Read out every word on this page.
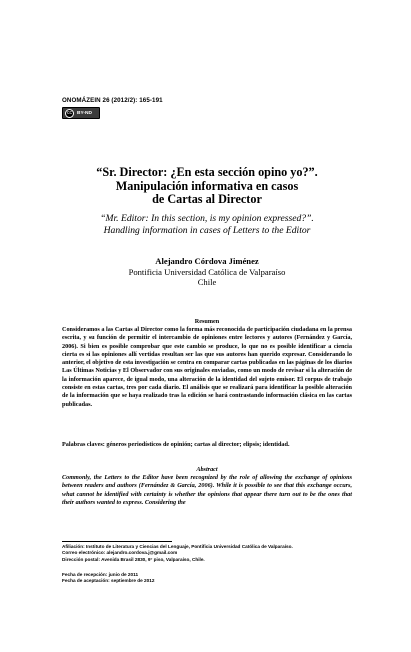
ONOMÁZEIN 26 (2012/2): 165-191
cc	BY-ND
“Sr. Director: ¿En esta sección opino yo?”.
Manipulación informativa en casos
de Cartas al Director
“Mr. Editor: In this section, is my opinion expressed?”.
Handling information in cases of Letters to the Editor
Alejandro Córdova Jiménez
Pontificia Universidad Católica de Valparaíso
Chile
Resumen
Consideramos a las Cartas al Director como la forma más reconocida de participación ciudadana en la prensa escrita, y su función de permitir el intercambio de opiniones entre lectores y autores (Fernández y García, 2006). Si bien es posible comprobar que este cambio se produce, lo que no es posible identificar a ciencia cierta es si las opiniones allí vertidas resultan ser las que sus autores han querido expresar. Considerando lo anterior, el objetivo de esta investigación se centra en comparar cartas publicadas en las páginas de los diarios Las Últimas Noticias y El Observador con sus originales enviadas, como un modo de revisar si la alteración de la información aparece, de igual modo, una alteración de la identidad del sujeto emisor. El corpus de trabajo consiste en estas cartas, tres por cada diario. El análisis que se realizará para identificar la posible alteración de la información que se haya realizado tras la edición se hará contrastando información clásica en las cartas publicadas.
Palabras claves: géneros periodísticos de opinión; cartas al director; elipsis; identidad.
Abstract
Commonly, the Letters to the Editor have been recognized by the role of allowing the exchange of opinions between readers and authors (Fernández & García, 2006). While it is possible to see that this exchange occurs, what cannot be identified with certainty is whether the opinions that appear there turn out to be the ones that their authors wanted to express. Considering the
Afiliación: Instituto de Literatura y Ciencias del Lenguaje, Pontificia Universidad Católica de Valparaíso.
Correo electrónico: alejandro.cordova.j@gmail.com
Dirección postal: Avenida Brasil 2830, 9° piso, Valparaíso, Chile.
Fecha de recepción: junio de 2011
Fecha de aceptación: septiembre de 2012
